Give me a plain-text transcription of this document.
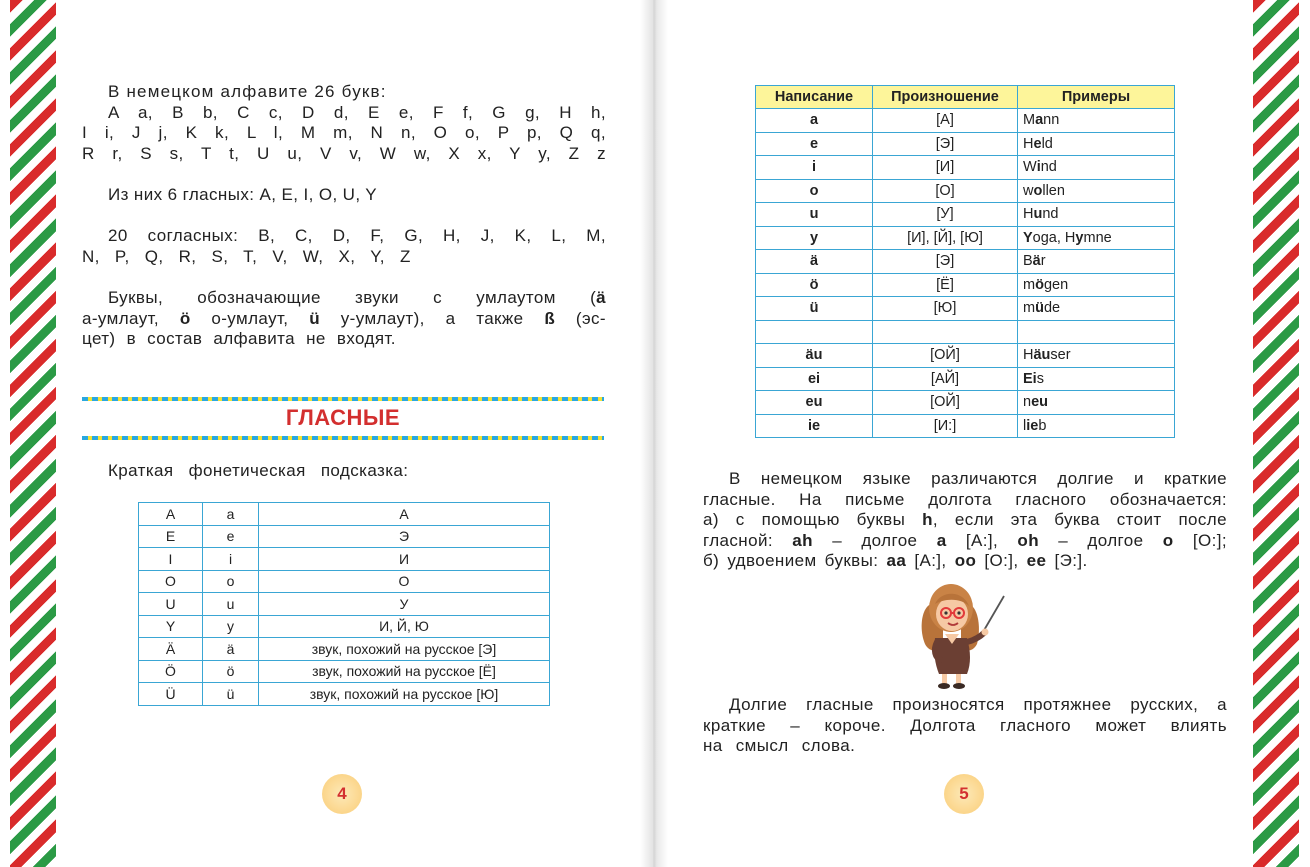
В немецком алфавите 26 букв:
A a, B b, C c, D d, E e, F f, G g, H h,
I i, J j, K k, L l, M m, N n, O o, P p, Q q,
R r, S s, T t, U u, V v, W w, X x, Y y, Z z
Из них 6 гласных: A, E, I, O, U, Y
20 согласных: B, C, D, F, G, H, J, K, L, M,
N, P, Q, R, S, T, V, W, X, Y, Z
Буквы, обозначающие звуки с умлаутом (ä
а-умлаут, ö о-умлаут, ü у-умлаут), а также ß (эс-
цет) в состав алфавита не входят.
ГЛАСНЫЕ
Краткая фонетическая подсказка:
A	a	А
E	e	Э
I	i	И
O	o	О
U	u	У
Y	y	И, Й, Ю
Ä	ä	звук, похожий на русское [Э]
Ö	ö	звук, похожий на русское [Ё]
Ü	ü	звук, похожий на русское [Ю]
4
Написание	Произношение	Примеры
a	[А]	Mann
e	[Э]	Held
i	[И]	Wind
o	[О]	wollen
u	[У]	Hund
y	[И], [Й], [Ю]	Yoga, Hymne
ä	[Э]	Bär
ö	[Ё]	mögen
ü	[Ю]	müde

äu	[ОЙ]	Häuser
ei	[АЙ]	Eis
eu	[ОЙ]	neu
ie	[И:]	lieb
В немецком языке различаются долгие и краткие
гласные. На письме долгота гласного обозначается:
а) с помощью буквы h, если эта буква стоит после
гласной: ah – долгое a [А:], oh – долгое o [О:];
б) удвоением буквы: aa [А:], oo [О:], ee [Э:].
Долгие гласные произносятся протяжнее русских, а
краткие – короче. Долгота гласного может влиять
на смысл слова.
5
